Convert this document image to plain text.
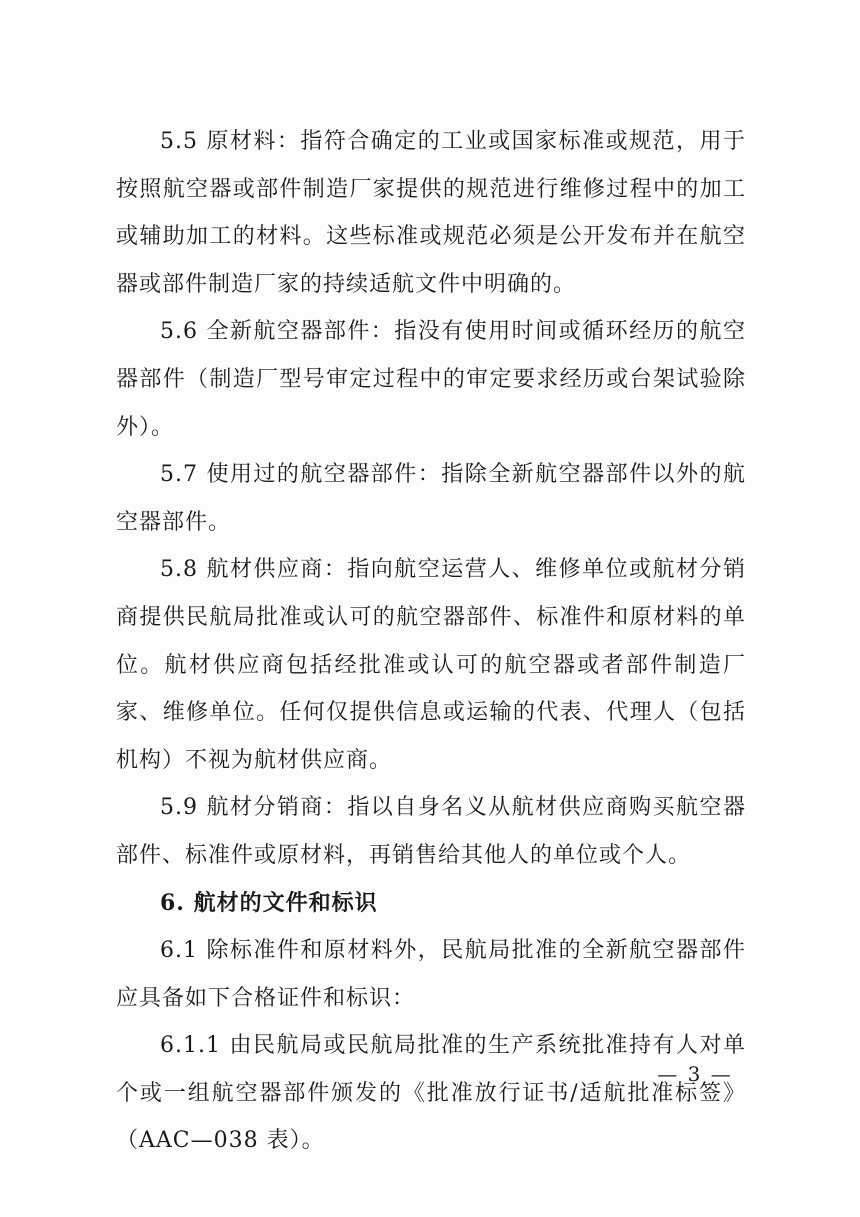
5.5 原材料：指符合确定的工业或国家标准或规范，用于按照航空器或部件制造厂家提供的规范进行维修过程中的加工或辅助加工的材料。这些标准或规范必须是公开发布并在航空器或部件制造厂家的持续适航文件中明确的。

5.6 全新航空器部件：指没有使用时间或循环经历的航空器部件（制造厂型号审定过程中的审定要求经历或台架试验除外）。

5.7 使用过的航空器部件：指除全新航空器部件以外的航空器部件。

5.8 航材供应商：指向航空运营人、维修单位或航材分销商提供民航局批准或认可的航空器部件、标准件和原材料的单位。航材供应商包括经批准或认可的航空器或者部件制造厂家、维修单位。任何仅提供信息或运输的代表、代理人（包括机构）不视为航材供应商。

5.9 航材分销商：指以自身名义从航材供应商购买航空器部件、标准件或原材料，再销售给其他人的单位或个人。

6. 航材的文件和标识

6.1 除标准件和原材料外，民航局批准的全新航空器部件应具备如下合格证件和标识：

6.1.1 由民航局或民航局批准的生产系统批准持有人对单个或一组航空器部件颁发的《批准放行证书/适航批准标签》（AAC—038 表）。

— 3 —
